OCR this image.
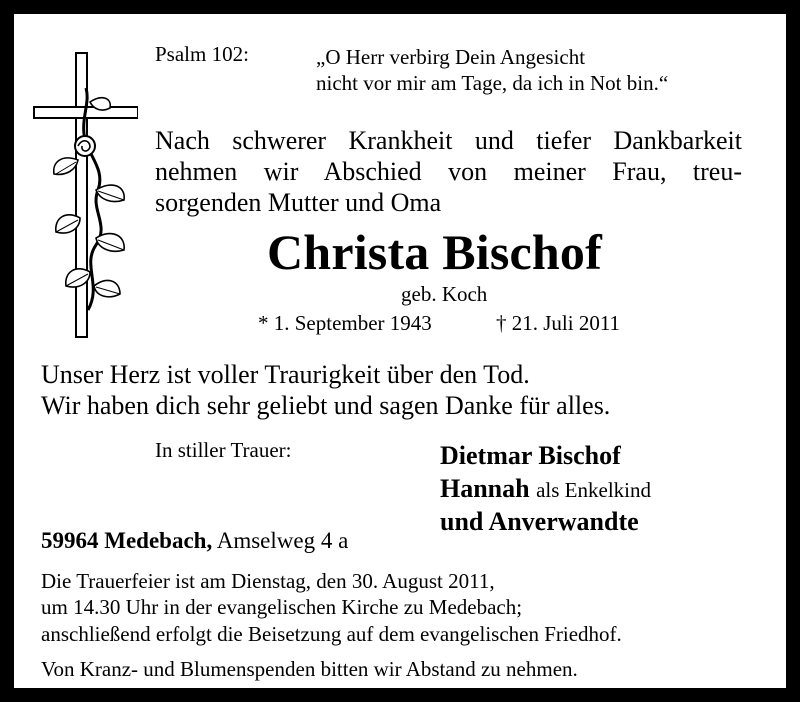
Psalm 102:	„O Herr verbirg Dein Angesicht
nicht vor mir am Tage, da ich in Not bin.“
Nach schwerer Krankheit und tiefer Dankbarkeit
nehmen wir Abschied von meiner Frau, treu-
sorgenden Mutter und Oma
Christa Bischof
geb. Koch
* 1. September 1943	† 21. Juli 2011
Unser Herz ist voller Traurigkeit über den Tod.
Wir haben dich sehr geliebt und sagen Danke für alles.
In stiller Trauer:	Dietmar Bischof
Hannah als Enkelkind
und Anverwandte
59964 Medebach, Amselweg 4 a
Die Trauerfeier ist am Dienstag, den 30. August 2011,
um 14.30 Uhr in der evangelischen Kirche zu Medebach;
anschließend erfolgt die Beisetzung auf dem evangelischen Friedhof.
Von Kranz- und Blumenspenden bitten wir Abstand zu nehmen.
